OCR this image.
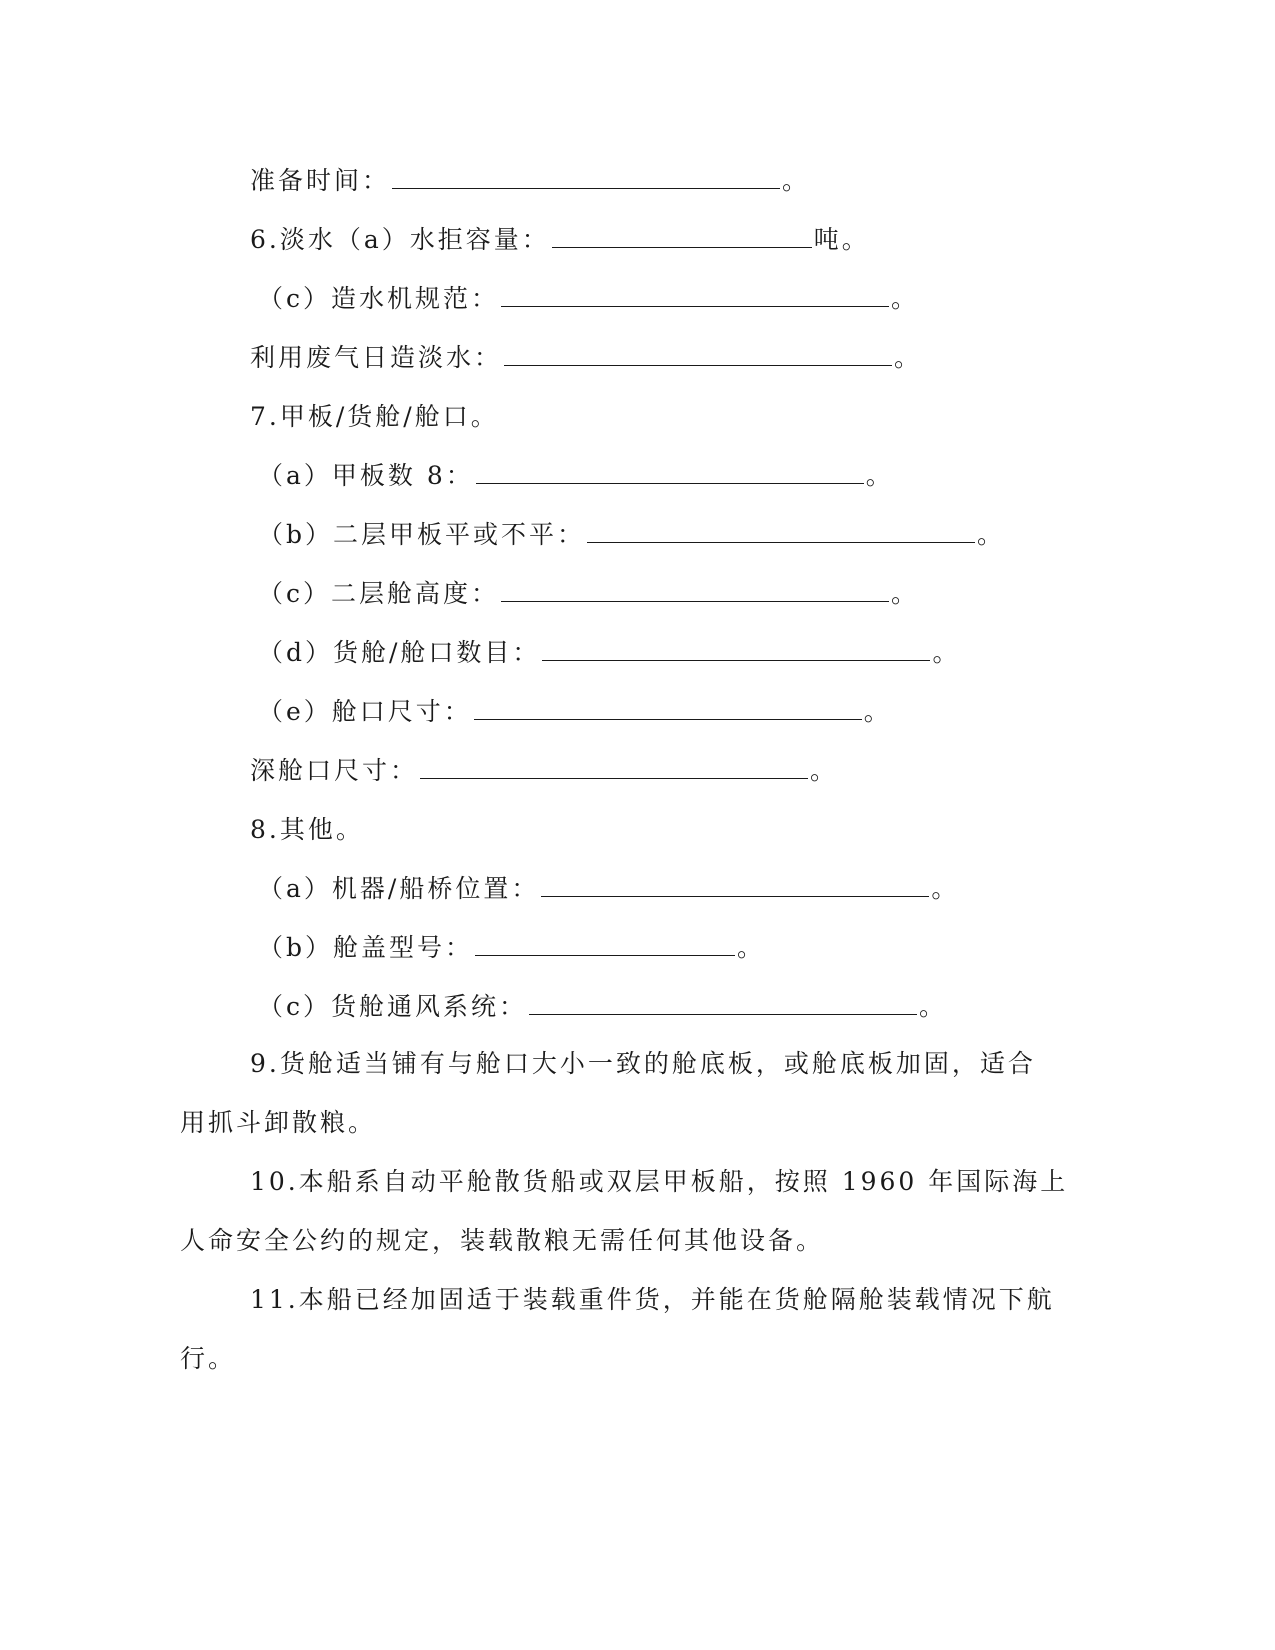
准备时间：	。
6.淡水（a）水拒容量：	吨。
（c）造水机规范：	。
利用废气日造淡水：	。
7.甲板/货舱/舱口。
（a）甲板数 8：	。
（b）二层甲板平或不平：	。
（c）二层舱高度：	。
（d）货舱/舱口数目：	。
（e）舱口尺寸：	。
深舱口尺寸：	。
8.其他。
（a）机器/船桥位置：	。
（b）舱盖型号：	。
（c）货舱通风系统：	。
9.货舱适当铺有与舱口大小一致的舱底板，或舱底板加固，适合
用抓斗卸散粮。
10.本船系自动平舱散货船或双层甲板船，按照 1960 年国际海上
人命安全公约的规定，装载散粮无需任何其他设备。
11.本船已经加固适于装载重件货，并能在货舱隔舱装载情况下航
行。
